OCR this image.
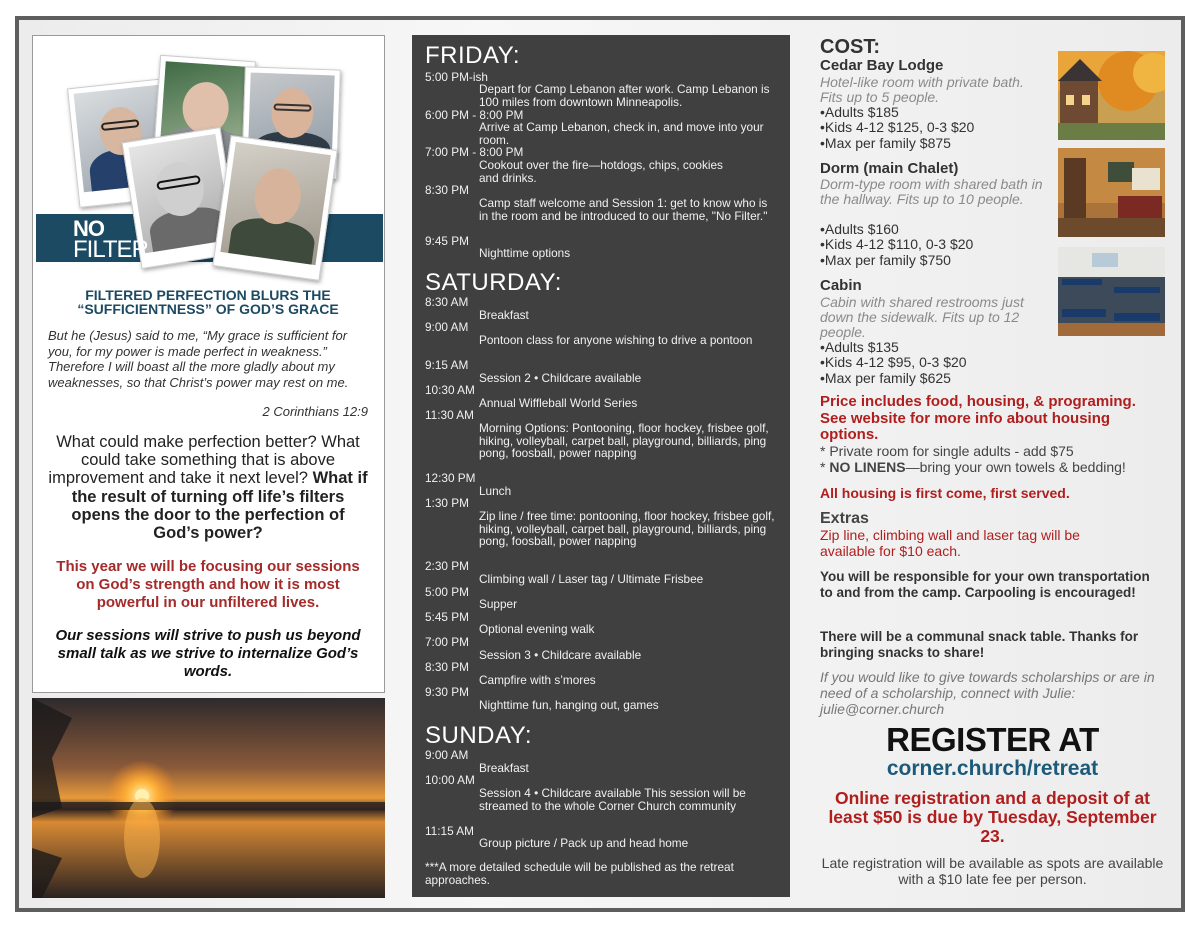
NO
FILTER
FILTERED PERFECTION BLURS THE
“SUFFICIENTNESS” OF GOD’S GRACE
But he (Jesus) said to me, “My grace is sufficient for you, for my power is made perfect in weakness.” Therefore I will boast all the more gladly about my weaknesses, so that Christ’s power may rest on me.
2 Corinthians 12:9
What could make perfection better? What could take something that is above improvement and take it next level? What if the result of turning off life’s filters opens the door to the perfection of God’s power?
This year we will be focusing our sessions on God’s strength and how it is most powerful in our unfiltered lives.
Our sessions will strive to push us beyond small talk as we strive to internalize God’s words.
FRIDAY:
5:00 PM-ish
Depart for Camp Lebanon after work. Camp Lebanon is 100 miles from downtown Minneapolis.
6:00 PM - 8:00 PM
Arrive at Camp Lebanon, check in, and move into your room.
7:00 PM - 8:00 PM
Cookout over the fire—hotdogs, chips, cookies and drinks.
8:30 PM
Camp staff welcome and Session 1: get to know who is in the room and be introduced to our theme, "No Filter."
9:45 PM
Nighttime options
SATURDAY:
8:30 AM
Breakfast
9:00 AM
Pontoon class for anyone wishing to drive a pontoon
9:15 AM
Session 2 • Childcare available
10:30 AM
Annual Wiffleball World Series
11:30 AM
Morning Options: Pontooning, floor hockey, frisbee golf, hiking, volleyball, carpet ball, playground, billiards, ping pong, foosball, power napping
12:30 PM
Lunch
1:30 PM
Zip line / free time: pontooning, floor hockey, frisbee golf, hiking, volleyball, carpet ball, playground, billiards, ping pong, foosball, power napping
2:30 PM
Climbing wall / Laser tag / Ultimate Frisbee
5:00 PM
Supper
5:45 PM
Optional evening walk
7:00 PM
Session 3 • Childcare available
8:30 PM
Campfire with s’mores
9:30 PM
Nighttime fun, hanging out, games
SUNDAY:
9:00 AM
Breakfast
10:00 AM
Session 4 • Childcare available This session will be streamed to the whole Corner Church community
11:15 AM
Group picture / Pack up and head home
***A more detailed schedule will be published as the retreat approaches.
COST:
Cedar Bay Lodge
Hotel-like room with private bath. Fits up to 5 people.
•Adults $185
•Kids 4-12 $125, 0-3 $20
•Max per family $875
Dorm (main Chalet)
Dorm-type room with shared bath in the hallway. Fits up to 10 people.
•Adults $160
•Kids 4-12 $110, 0-3 $20
•Max per family $750
Cabin
Cabin with shared restrooms just down the sidewalk. Fits up to 12 people.
•Adults $135
•Kids 4-12 $95, 0-3 $20
•Max per family $625
Price includes food, housing, & programing. See website for more info about housing options.
* Private room for single adults - add $75
* NO LINENS—bring your own towels & bedding!
All housing is first come, first served.
Extras
Zip line, climbing wall and laser tag will be available for $10 each.
You will be responsible for your own transportation to and from the camp. Carpooling is encouraged!
There will be a communal snack table. Thanks for bringing snacks to share!
If you would like to give towards scholarships or are in need of a scholarship, connect with Julie: julie@corner.church
REGISTER AT
corner.church/retreat
Online registration and a deposit of at least $50 is due by Tuesday, September 23.
Late registration will be available as spots are available with a $10 late fee per person.
